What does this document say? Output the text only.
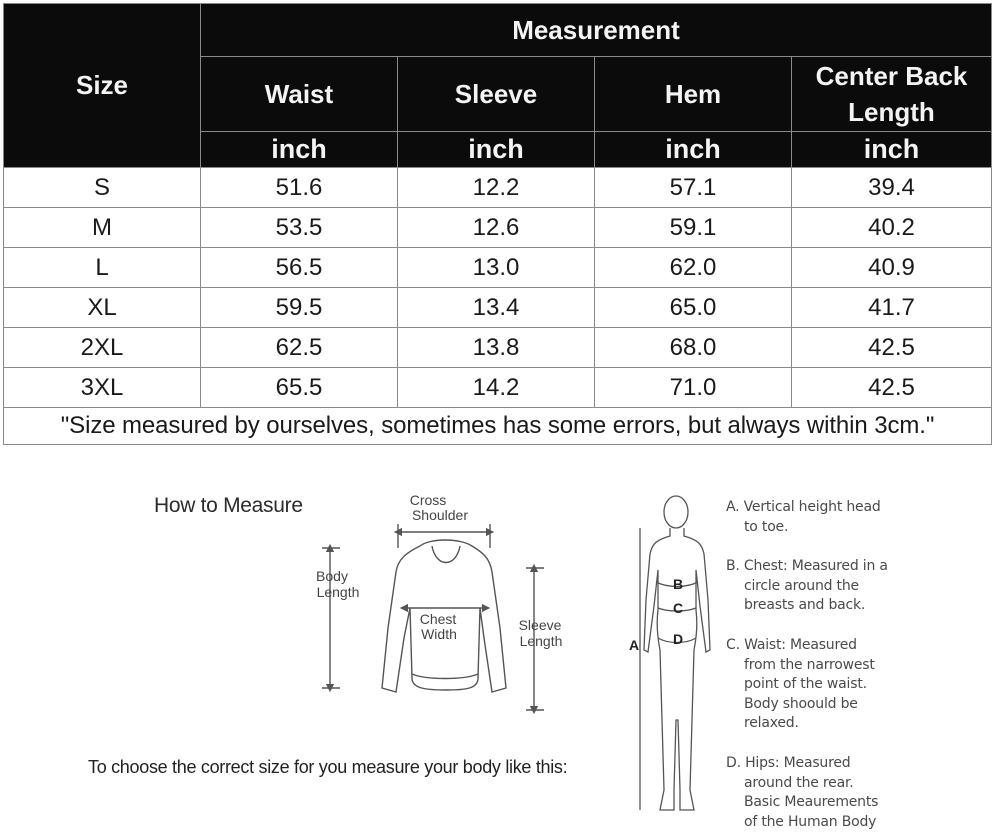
Size	Measurement			
	Waist	Sleeve	Hem	Center Back
Length
	inch	inch	inch	inch
S	51.6	12.2	57.1	39.4
M	53.5	12.6	59.1	40.2
L	56.5	13.0	62.0	40.9
XL	59.5	13.4	65.0	41.7
2XL	62.5	13.8	68.0	42.5
3XL	65.5	14.2	71.0	42.5
"Size measured by ourselves, sometimes has some errors, but always within 3cm."				
How to Measure
To choose the correct size for you measure your body like this:
Cross
Shoulder
Body
Length
Chest
Width
Sleeve
Length	A
B
C
D
A. Vertical height head
to toe.
B. Chest: Measured in a
circle around the
breasts and back.
C. Waist: Measured
from the narrowest
point of the waist.
Body shoould be
relaxed.
D. Hips: Measured
around the rear.
Basic Meaurements
of the Human Body
